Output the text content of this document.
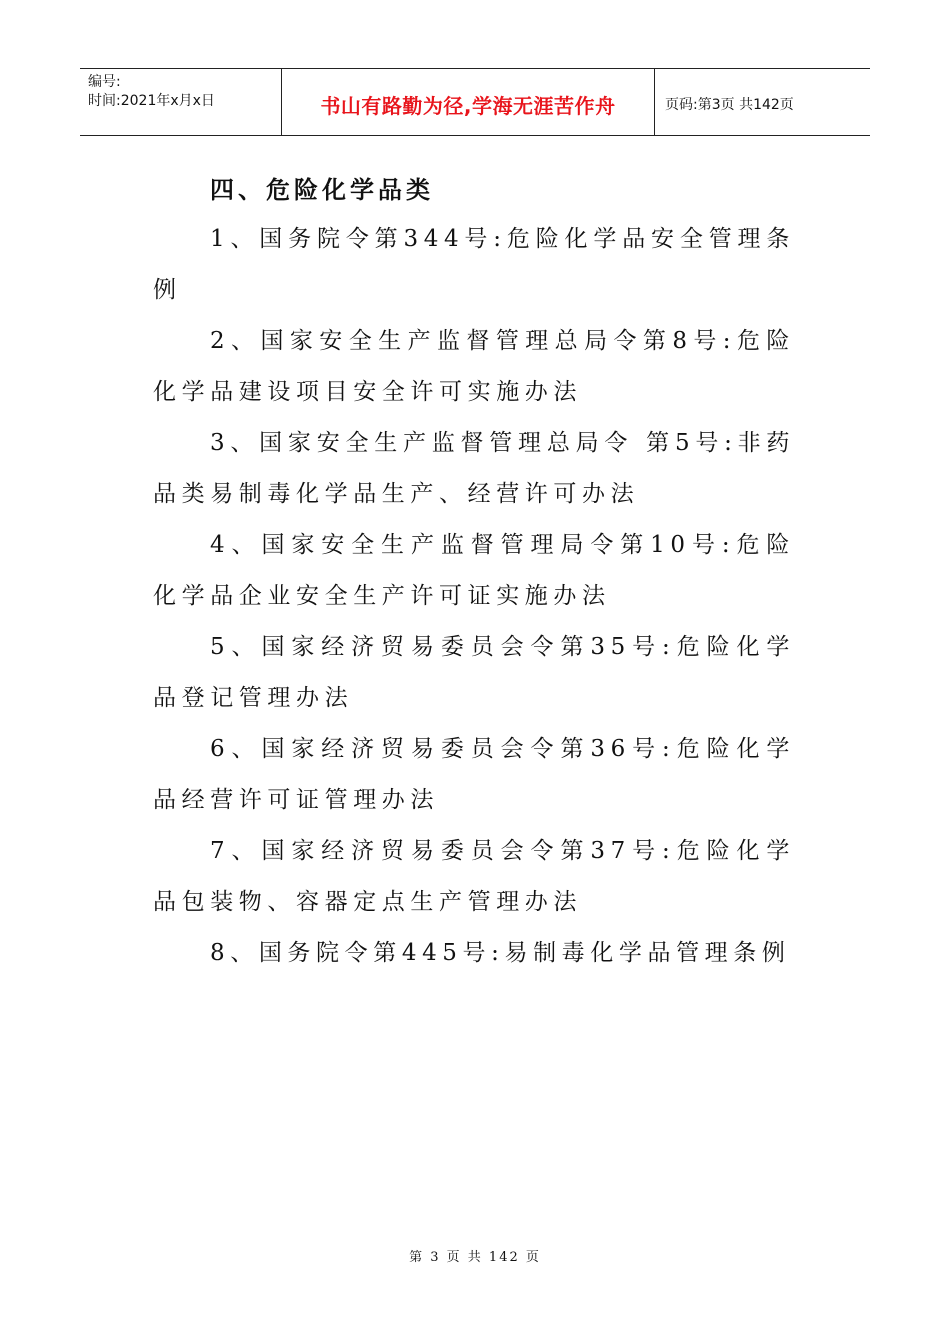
编号:
时间:2021年x月x日	书山有路勤为径,学海无涯苦作舟	页码:第3页 共142页
四、危险化学品类
1、国务院令第344号:危险化学品安全管理条例
2、国家安全生产监督管理总局令第8号:危险化学品建设项目安全许可实施办法
3、国家安全生产监督管理总局令 第5号:非药品类易制毒化学品生产、经营许可办法
4、国家安全生产监督管理局令第10号:危险化学品企业安全生产许可证实施办法
5、国家经济贸易委员会令第35号:危险化学品登记管理办法
6、国家经济贸易委员会令第36号:危险化学品经营许可证管理办法
7、国家经济贸易委员会令第37号:危险化学品包装物、容器定点生产管理办法
8、国务院令第445号:易制毒化学品管理条例
第 3 页 共 142 页
